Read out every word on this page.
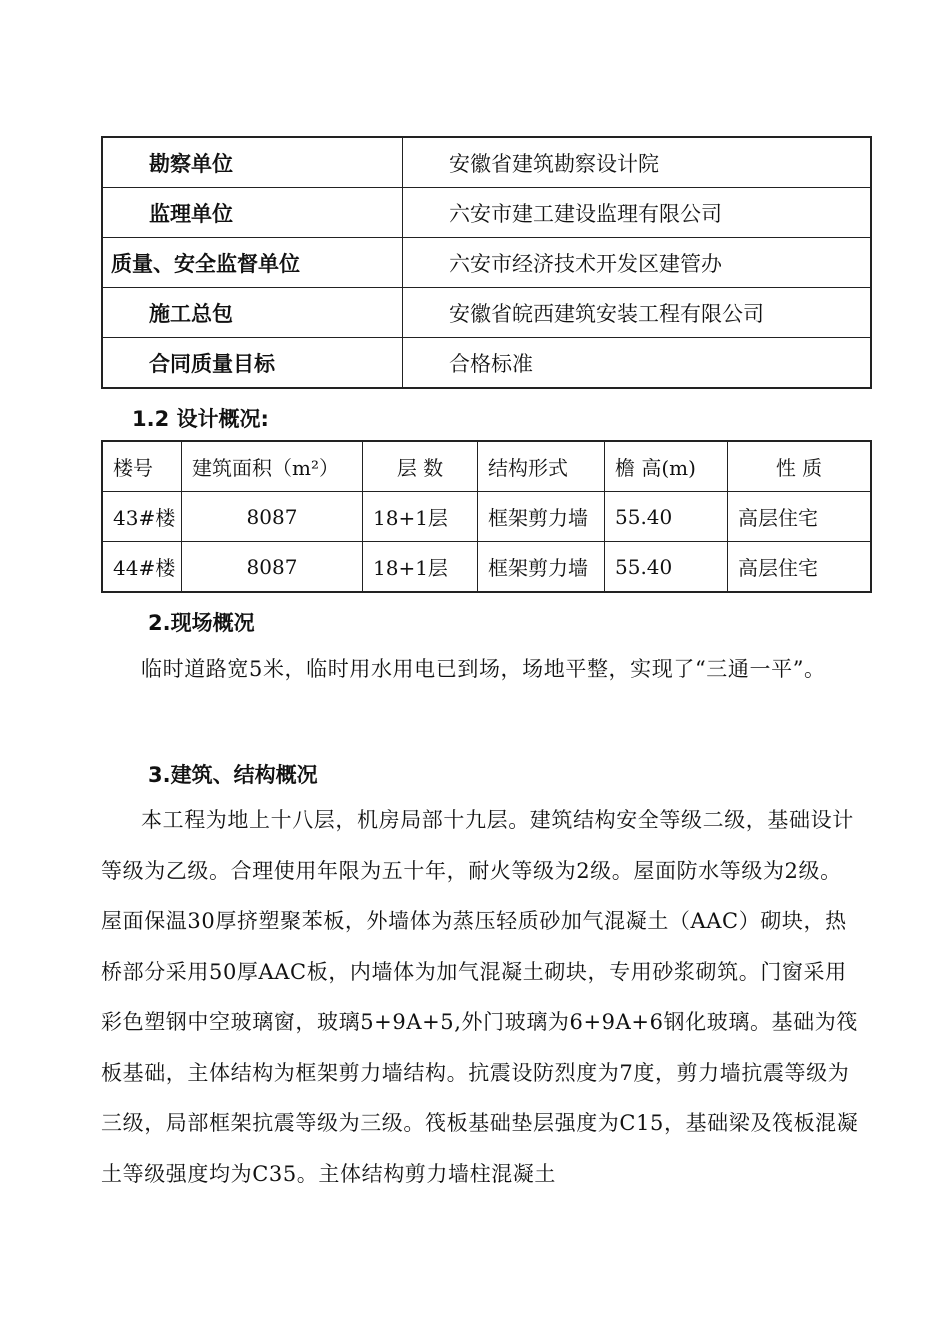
勘察单位	安徽省建筑勘察设计院
监理单位	六安市建工建设监理有限公司
质量、安全监督单位	六安市经济技术开发区建管办
施工总包	安徽省皖西建筑安装工程有限公司
合同质量目标	合格标准
1.2 设计概况:
楼号	建筑面积（m²）	层 数	结构形式	檐 高(m)	性 质
43#楼	8087	18+1层	框架剪力墙	55.40	高层住宅
44#楼	8087	18+1层	框架剪力墙	55.40	高层住宅
2.现场概况
临时道路宽5米，临时用水用电已到场，场地平整，实现了“三通一平”。
3.建筑、结构概况
本工程为地上十八层，机房局部十九层。建筑结构安全等级二级，基础设计等级为乙级。合理使用年限为五十年，耐火等级为2级。屋面防水等级为2级。屋面保温30厚挤塑聚苯板，外墙体为蒸压轻质砂加气混凝土（AAC）砌块，热桥部分采用50厚AAC板，内墙体为加气混凝土砌块，专用砂浆砌筑。门窗采用彩色塑钢中空玻璃窗，玻璃5+9A+5,外门玻璃为6+9A+6钢化玻璃。基础为筏板基础，主体结构为框架剪力墙结构。抗震设防烈度为7度，剪力墙抗震等级为三级，局部框架抗震等级为三级。筏板基础垫层强度为C15，基础梁及筏板混凝土等级强度均为C35。主体结构剪力墙柱混凝土
